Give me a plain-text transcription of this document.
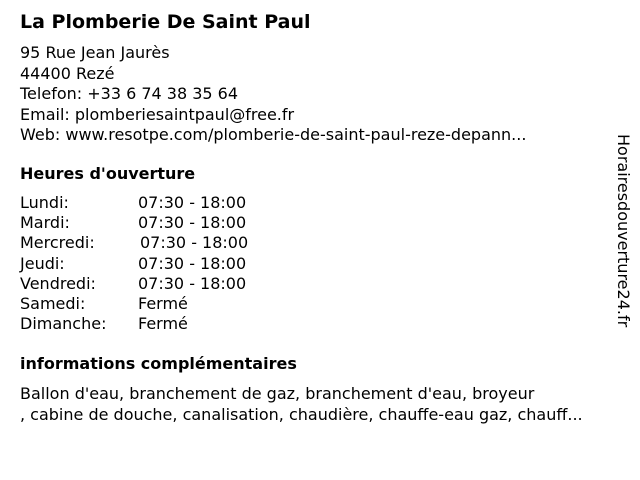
La Plomberie De Saint Paul
95 Rue Jean Jaurès
44400 Rezé
Telefon: +33 6 74 38 35 64
Email: plomberiesaintpaul@free.fr
Web: www.resotpe.com/plomberie-de-saint-paul-reze-depann...
Heures d'ouverture
Lundi:	07:30 - 18:00
Mardi:	07:30 - 18:00
Mercredi:	07:30 - 18:00
Jeudi:	07:30 - 18:00
Vendredi:	07:30 - 18:00
Samedi:	Fermé
Dimanche: Fermé
informations complémentaires
Ballon d'eau, branchement de gaz, branchement d'eau, broyeur
, cabine de douche, canalisation, chaudière, chauffe-eau gaz, chauff...
Horairesdouverture24.fr
